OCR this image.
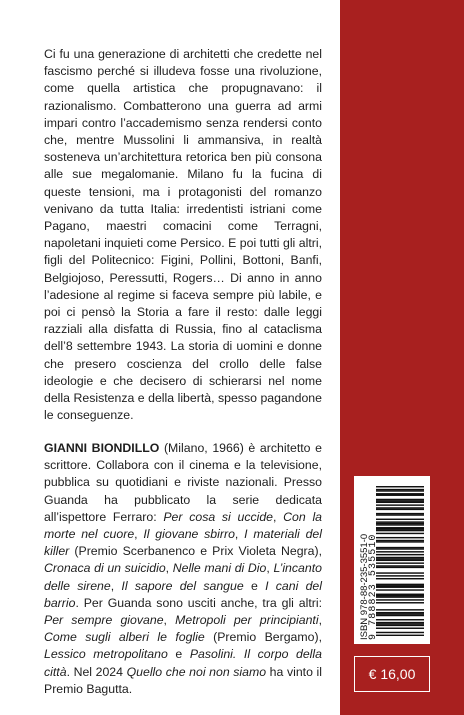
Ci fu una generazione di architetti che credette nel fascismo perché si illudeva fosse una rivoluzione, come quella artistica che propugnavano: il razionalismo. Combatterono una guerra ad armi impari contro l’accademismo senza rendersi conto che, mentre Mussolini li ammansiva, in realtà sosteneva un’architettura retorica ben più consona alle sue megalomanie. Milano fu la fucina di queste tensioni, ma i protagonisti del romanzo venivano da tutta Italia: irredentisti istriani come Pagano, maestri comacini come Terragni, napoletani inquieti come Persico. E poi tutti gli altri, figli del Politecnico: Figini, Pollini, Bottoni, Banfi, Belgiojoso, Peressutti, Rogers… Di anno in anno l’adesione al regime si faceva sempre più labile, e poi ci pensò la Storia a fare il resto: dalle leggi razziali alla disfatta di Russia, fino al cataclisma dell’8 settembre 1943. La storia di uomini e donne che presero coscienza del crollo delle false ideologie e che decisero di schierarsi nel nome della Resistenza e della libertà, spesso pagandone le conseguenze.

GIANNI BIONDILLO (Milano, 1966) è architetto e scrittore. Collabora con il cinema e la televisione, pubblica su quotidiani e riviste nazionali. Presso Guanda ha pubblicato la serie dedicata all’ispettore Ferraro: Per cosa si uccide, Con la morte nel cuore, Il giovane sbirro, I materiali del killer (Premio Scerbanenco e Prix Violeta Negra), Cronaca di un suicidio, Nelle mani di Dio, L’incanto delle sirene, Il sapore del sangue e I cani del barrio. Per Guanda sono usciti anche, tra gli altri: Per sempre giovane, Metropoli per principianti, Come sugli alberi le foglie (Premio Bergamo), Lessico metropolitano e Pasolini. Il corpo della città. Nel 2024 Quello che noi non siamo ha vinto il Premio Bagutta.

ISBN 978-88-235-3551-0
9 788823 535510
€ 16,00
